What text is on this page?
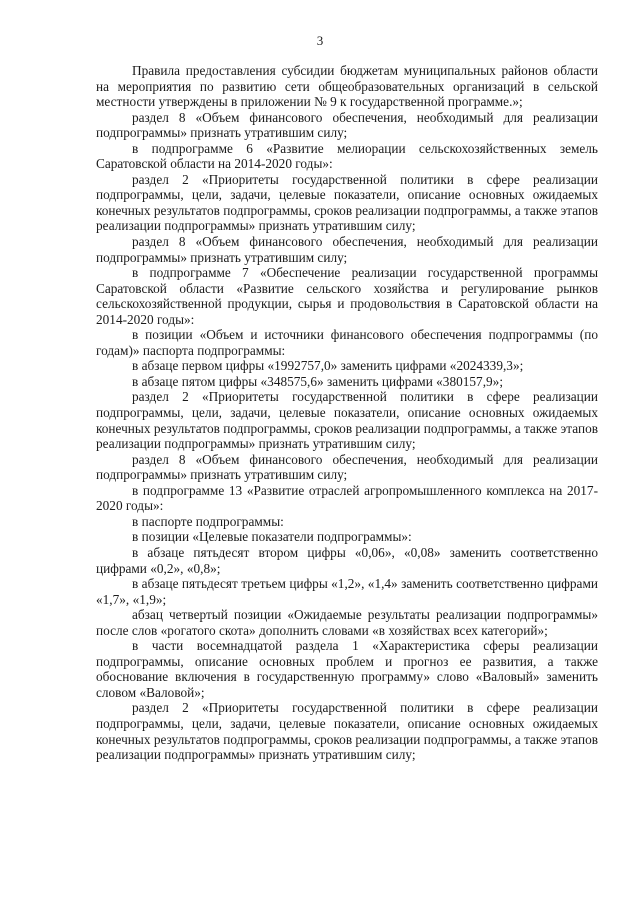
3

Правила предоставления субсидии бюджетам муниципальных районов области на мероприятия по развитию сети общеобразовательных организаций в сельской местности утверждены в приложении № 9 к государственной программе.»;

раздел 8 «Объем финансового обеспечения, необходимый для реализации подпрограммы» признать утратившим силу;

в подпрограмме 6 «Развитие мелиорации сельскохозяйственных земель Саратовской области на 2014-2020 годы»:

раздел 2 «Приоритеты государственной политики в сфере реализации подпрограммы, цели, задачи, целевые показатели, описание основных ожидаемых конечных результатов подпрограммы, сроков реализации подпрограммы, а также этапов реализации подпрограммы» признать утратившим силу;

раздел 8 «Объем финансового обеспечения, необходимый для реализации подпрограммы» признать утратившим силу;

в подпрограмме 7 «Обеспечение реализации государственной программы Саратовской области «Развитие сельского хозяйства и регулирование рынков сельскохозяйственной продукции, сырья и продовольствия в Саратовской области на 2014-2020 годы»:

в позиции «Объем и источники финансового обеспечения подпрограммы (по годам)» паспорта подпрограммы:

в абзаце первом цифры «1992757,0» заменить цифрами «2024339,3»;

в абзаце пятом цифры «348575,6» заменить цифрами «380157,9»;

раздел 2 «Приоритеты государственной политики в сфере реализации подпрограммы, цели, задачи, целевые показатели, описание основных ожидаемых конечных результатов подпрограммы, сроков реализации подпрограммы, а также этапов реализации подпрограммы» признать утратившим силу;

раздел 8 «Объем финансового обеспечения, необходимый для реализации подпрограммы» признать утратившим силу;

в подпрограмме 13 «Развитие отраслей агропромышленного комплекса на 2017-2020 годы»:

в паспорте подпрограммы:

в позиции «Целевые показатели подпрограммы»:

в абзаце пятьдесят втором цифры «0,06», «0,08» заменить соответственно цифрами «0,2», «0,8»;

в абзаце пятьдесят третьем цифры «1,2», «1,4» заменить соответственно цифрами «1,7», «1,9»;

абзац четвертый позиции «Ожидаемые результаты реализации подпрограммы» после слов «рогатого скота» дополнить словами «в хозяйствах всех категорий»;

в части восемнадцатой раздела 1 «Характеристика сферы реализации подпрограммы, описание основных проблем и прогноз ее развития, а также обоснование включения в государственную программу» слово «Валовый» заменить словом «Валовой»;

раздел 2 «Приоритеты государственной политики в сфере реализации подпрограммы, цели, задачи, целевые показатели, описание основных ожидаемых конечных результатов подпрограммы, сроков реализации подпрограммы, а также этапов реализации подпрограммы» признать утратившим силу;
